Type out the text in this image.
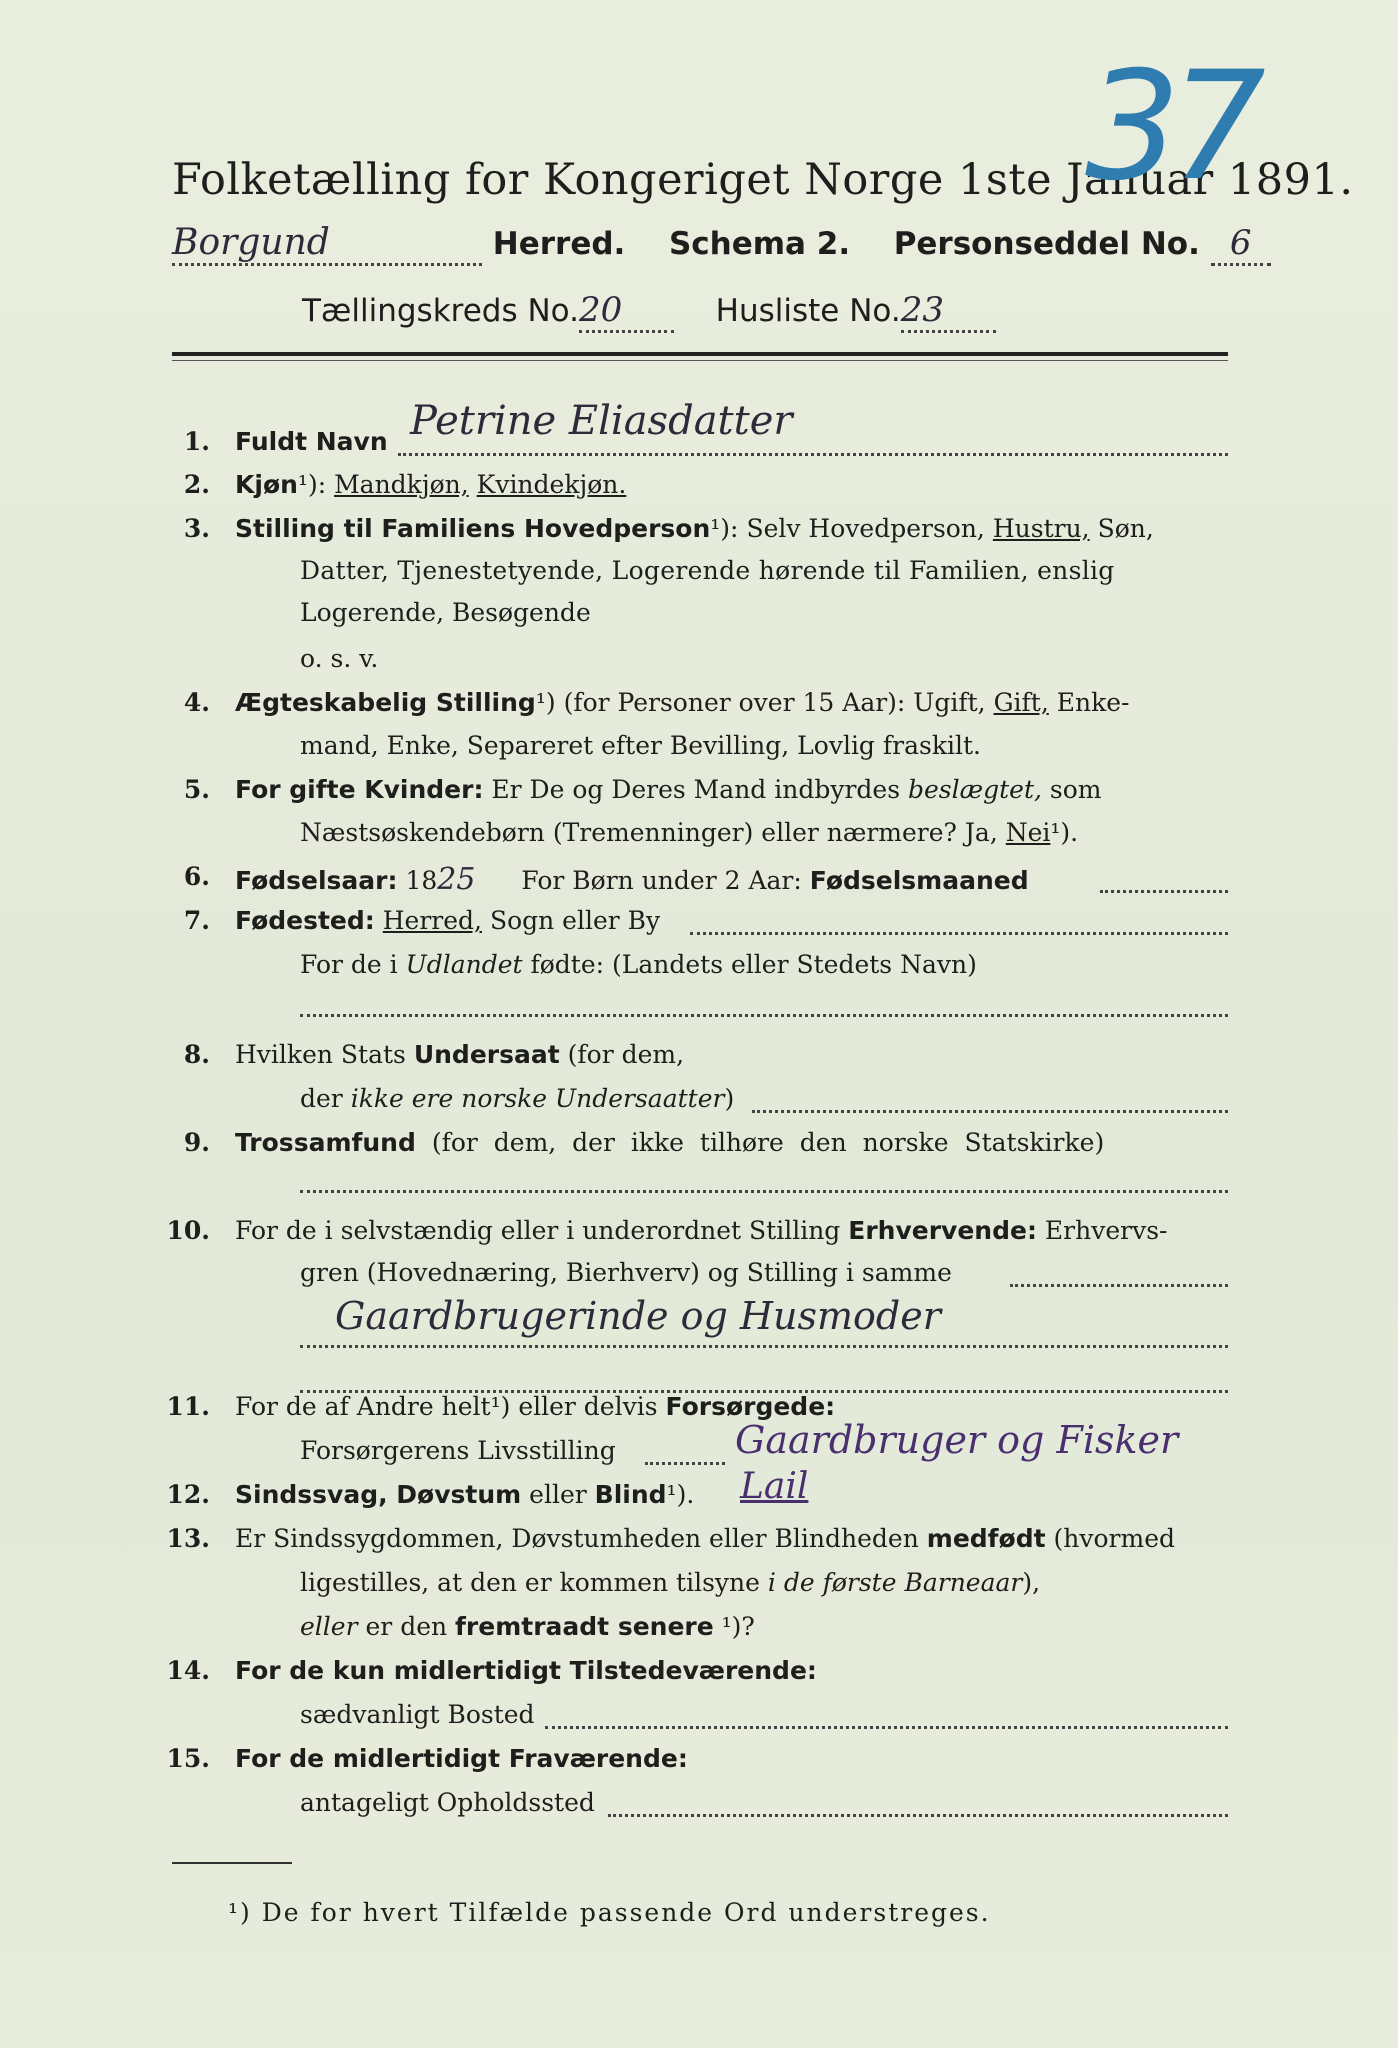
Folketælling for Kongeriget Norge 1ste Januar 1891.
37
Borgund	Herred. Schema 2. Personseddel No. 6
Tællingskreds No.20	Husliste No.23
1. Fuldt Navn Petrine Eliasdatter
2. Kjøn¹): Mandkjøn, Kvindekjøn.
3. Stilling til Familiens Hovedperson¹): Selv Hovedperson, Hustru, Søn,
Datter, Tjenestetyende, Logerende hørende til Familien, enslig
Logerende, Besøgende
o. s. v.
4. Ægteskabelig Stilling¹) (for Personer over 15 Aar): Ugift, Gift, Enke-
mand, Enke, Separeret efter Bevilling, Lovlig fraskilt.
5. For gifte Kvinder: Er De og Deres Mand indbyrdes beslægtet, som
Næstsøskendebørn (Tremenninger) eller nærmere? Ja, Nei¹).
6. Fødselsaar: 1825 For Børn under 2 Aar: Fødselsmaaned
7. Fødested: Herred, Sogn eller By
For de i Udlandet fødte: (Landets eller Stedets Navn)
8. Hvilken Stats Undersaat (for dem,
der ikke ere norske Undersaatter)
9. Trossamfund (for dem, der ikke tilhøre den norske Statskirke)
10. For de i selvstændig eller i underordnet Stilling Erhvervende: Erhvervs-
gren (Hovednæring, Bierhverv) og Stilling i samme
Gaardbrugerinde og Husmoder
11. For de af Andre helt¹) eller delvis Forsørgede:
Forsørgerens Livsstilling	Gaardbruger og Fisker
12. Sindssvag, Døvstum eller Blind¹). Lail
13. Er Sindssygdommen, Døvstumheden eller Blindheden medfødt (hvormed
ligestilles, at den er kommen tilsyne i de første Barneaar),
eller er den fremtraadt senere ¹)?
14. For de kun midlertidigt Tilstedeværende:
sædvanligt Bosted
15. For de midlertidigt Fraværende:
antageligt Opholdssted
¹) De for hvert Tilfælde passende Ord understreges.
